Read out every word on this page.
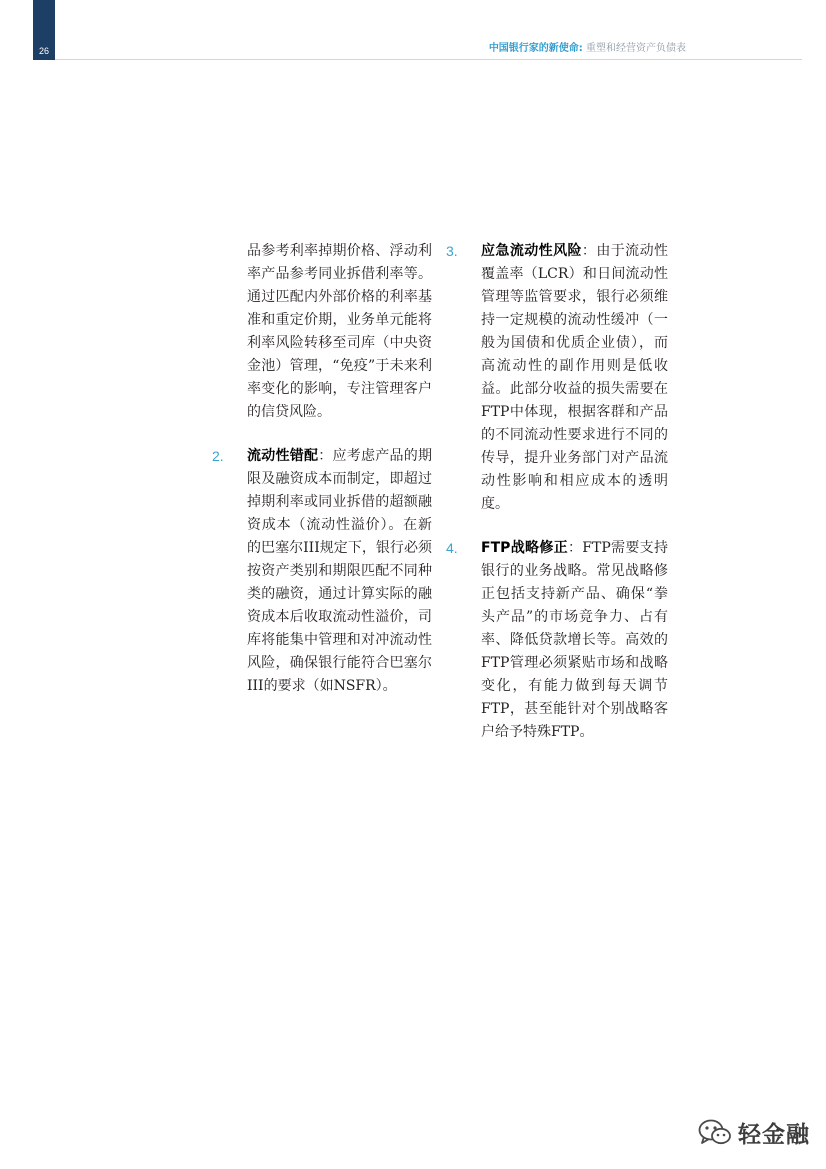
26	中国银行家的新使命: 重塑和经营资产负债表

品参考利率掉期价格、浮动利率产品参考同业拆借利率等。通过匹配内外部价格的利率基准和重定价期，业务单元能将利率风险转移至司库（中央资金池）管理，“免疫”于未来利率变化的影响，专注管理客户的信贷风险。

2. 流动性错配：应考虑产品的期限及融资成本而制定，即超过掉期利率或同业拆借的超额融资成本（流动性溢价）。在新的巴塞尔III规定下，银行必须按资产类别和期限匹配不同种类的融资，通过计算实际的融资成本后收取流动性溢价，司库将能集中管理和对冲流动性风险，确保银行能符合巴塞尔III的要求（如NSFR）。
3. 应急流动性风险：由于流动性覆盖率（LCR）和日间流动性管理等监管要求，银行必须维持一定规模的流动性缓冲（一般为国债和优质企业债），而高流动性的副作用则是低收益。此部分收益的损失需要在FTP中体现，根据客群和产品的不同流动性要求进行不同的传导，提升业务部门对产品流动性影响和相应成本的透明度。
4. FTP战略修正：FTP需要支持银行的业务战略。常见战略修正包括支持新产品、确保“拳头产品”的市场竞争力、占有率、降低贷款增长等。高效的FTP管理必须紧贴市场和战略变化，有能力做到每天调节FTP，甚至能针对个别战略客户给予特殊FTP。
轻金融
